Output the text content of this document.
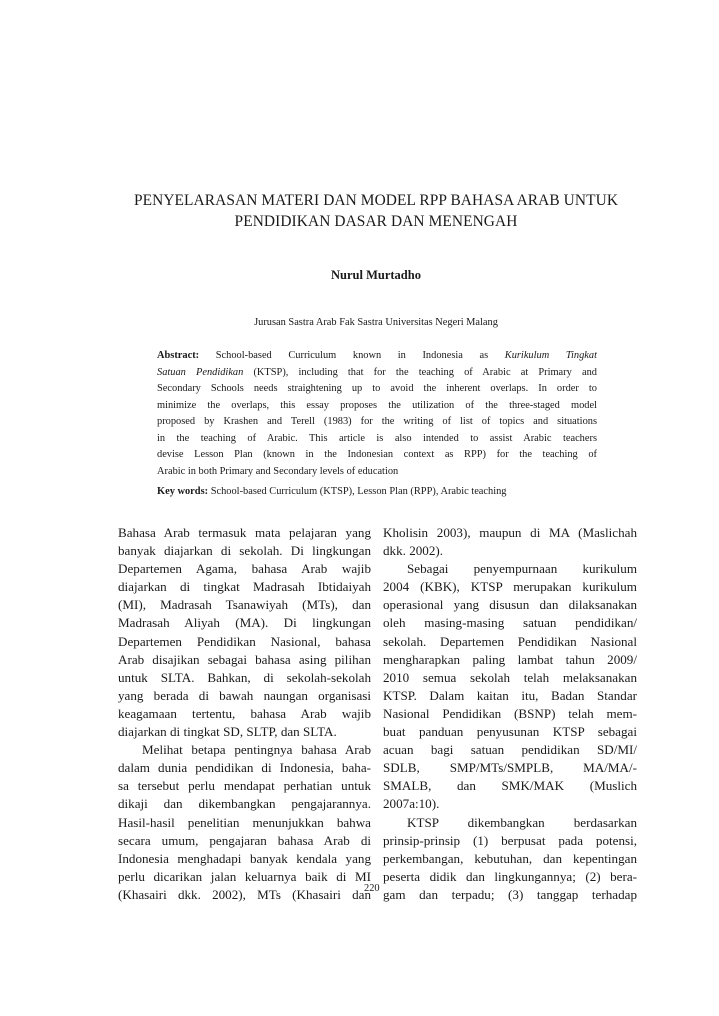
PENYELARASAN MATERI DAN MODEL RPP BAHASA ARAB UNTUK
PENDIDIKAN DASAR DAN MENENGAH
Nurul Murtadho
Jurusan Sastra Arab Fak Sastra Universitas Negeri Malang
Abstract: School-based Curriculum known in Indonesia as Kurikulum Tingkat
Satuan Pendidikan (KTSP), including that for the teaching of Arabic at Primary and
Secondary Schools needs straightening up to avoid the inherent overlaps. In order to
minimize the overlaps, this essay proposes the utilization of the three-staged model
proposed by Krashen and Terell (1983) for the writing of list of topics and situations
in the teaching of Arabic. This article is also intended to assist Arabic teachers
devise Lesson Plan (known in the Indonesian context as RPP) for the teaching of
Arabic in both Primary and Secondary levels of education
Key words: School-based Curriculum (KTSP), Lesson Plan (RPP), Arabic teaching
Bahasa Arab termasuk mata pelajaran yang
banyak diajarkan di sekolah. Di lingkungan
Departemen Agama, bahasa Arab wajib
diajarkan di tingkat Madrasah Ibtidaiyah
(MI), Madrasah Tsanawiyah (MTs), dan
Madrasah Aliyah (MA). Di lingkungan
Departemen Pendidikan Nasional, bahasa
Arab disajikan sebagai bahasa asing pilihan
untuk SLTA. Bahkan, di sekolah-sekolah
yang berada di bawah naungan organisasi
keagamaan tertentu, bahasa Arab wajib
diajarkan di tingkat SD, SLTP, dan SLTA.
Melihat betapa pentingnya bahasa Arab
dalam dunia pendidikan di Indonesia, baha-
sa tersebut perlu mendapat perhatian untuk
dikaji dan dikembangkan pengajarannya.
Hasil-hasil penelitian menunjukkan bahwa
secara umum, pengajaran bahasa Arab di
Indonesia menghadapi banyak kendala yang
perlu dicarikan jalan keluarnya baik di MI
(Khasairi dkk. 2002), MTs (Khasairi dan
Kholisin 2003), maupun di MA (Maslichah
dkk. 2002).
Sebagai penyempurnaan kurikulum
2004 (KBK), KTSP merupakan kurikulum
operasional yang disusun dan dilaksanakan
oleh masing-masing satuan pendidikan/
sekolah. Departemen Pendidikan Nasional
mengharapkan paling lambat tahun 2009/
2010 semua sekolah telah melaksanakan
KTSP. Dalam kaitan itu, Badan Standar
Nasional Pendidikan (BSNP) telah mem-
buat panduan penyusunan KTSP sebagai
acuan bagi satuan pendidikan SD/MI/
SDLB, SMP/MTs/SMPLB, MA/MA/-
SMALB, dan SMK/MAK (Muslich
2007a:10).
KTSP dikembangkan berdasarkan
prinsip-prinsip (1) berpusat pada potensi,
perkembangan, kebutuhan, dan kepentingan
peserta didik dan lingkungannya; (2) bera-
gam dan terpadu; (3) tanggap terhadap
220
